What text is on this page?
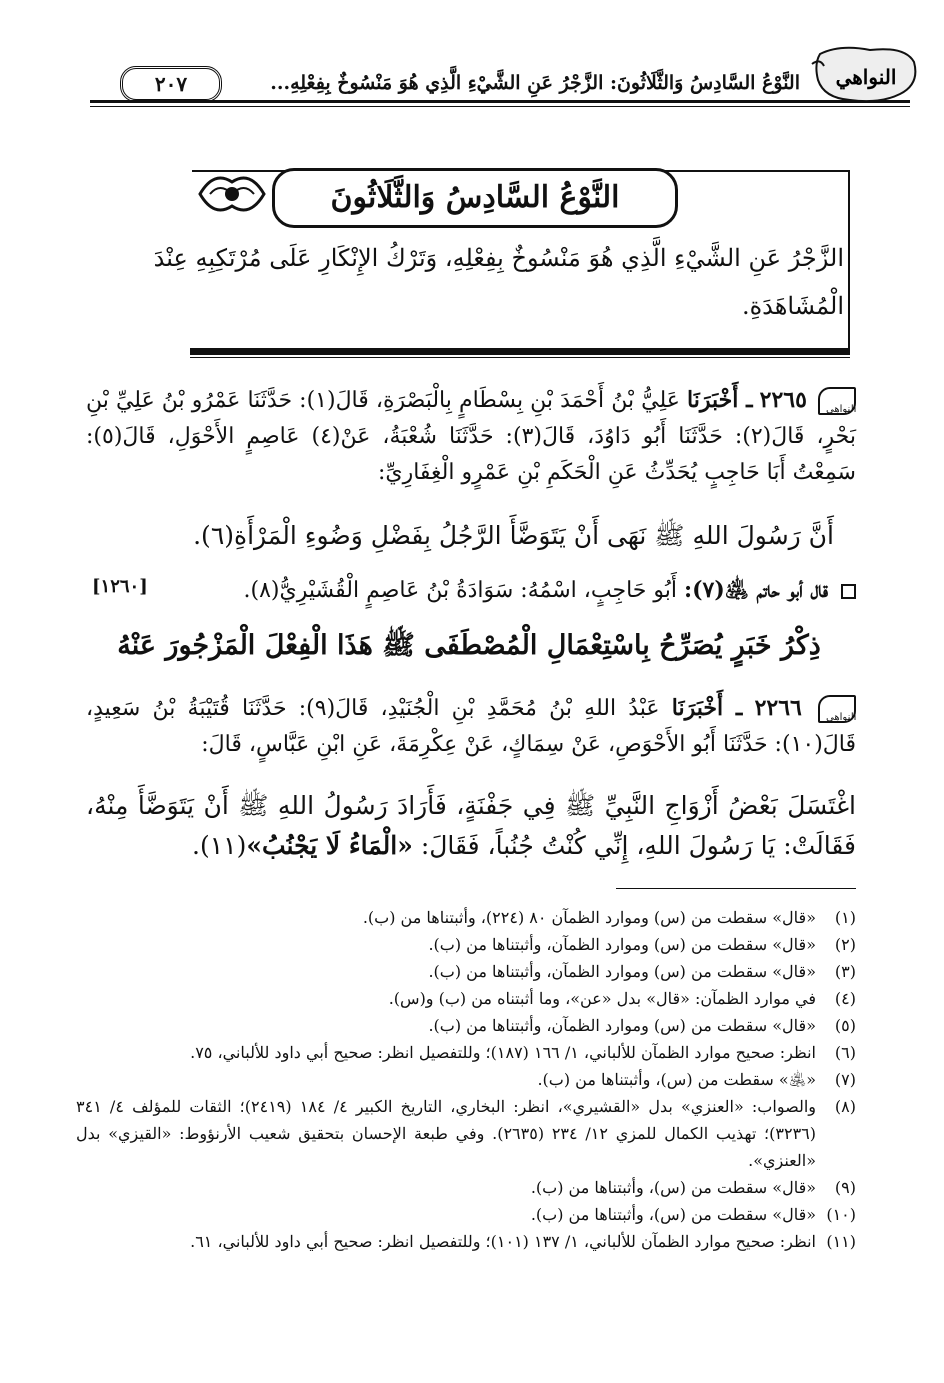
النَّوْعُ السَّادِسُ وَالثَّلَاثُونَ: الزَّجْرُ عَنِ الشَّيْءِ الَّذِي هُوَ مَنْسُوخٌ بِفِعْلِهِ...
٢٠٧	النواهي
النَّوْعُ السَّادِسُ وَالثَّلَاثُونَ
الزَّجْرُ عَنِ الشَّيْءِ الَّذِي هُوَ مَنْسُوخٌ بِفِعْلِهِ، وَتَرْكُ الإِنْكَارِ عَلَى مُرْتَكِبِهِ عِنْدَ الْمُشَاهَدَةِ.
النواهي
٢٢٦٥ ـ أَخْبَرَنَا عَلِيُّ بْنُ أَحْمَدَ بْنِ بِسْطَامٍ بِالْبَصْرَةِ، قَالَ(١): حَدَّثَنَا عَمْرُو بْنُ عَلِيِّ بْنِ بَحْرٍ، قَالَ(٢): حَدَّثَنَا أَبُو دَاوُدَ، قَالَ(٣): حَدَّثَنَا شُعْبَةُ، عَنْ(٤) عَاصِمٍ الأَحْوَلِ، قَالَ(٥): سَمِعْتُ أَبَا حَاجِبٍ يُحَدِّثُ عَنِ الْحَكَمِ بْنِ عَمْرٍو الْغِفَارِيِّ:
أَنَّ رَسُولَ اللهِ ﷺ نَهَى أَنْ يَتَوَضَّأَ الرَّجُلُ بِفَضْلِ وَضُوءِ الْمَرْأَةِ(٦).
قال أبو حاتم ﵁(٧): أَبُو حَاجِبٍ، اسْمُهُ: سَوَادَةُ بْنُ عَاصِمٍ الْقُشَيْرِيُّ(٨).
[١٢٦٠]
ذِكْرُ خَبَرٍ يُصَرِّحُ بِاسْتِعْمَالِ الْمُصْطَفَى ﷺ هَذَا الْفِعْلَ الْمَزْجُورَ عَنْهُ
النواهي
٢٢٦٦ ـ أَخْبَرَنَا عَبْدُ اللهِ بْنُ مُحَمَّدِ بْنِ الْجُنَيْدِ، قَالَ(٩): حَدَّثَنَا قُتَيْبَةُ بْنُ سَعِيدٍ، قَالَ(١٠): حَدَّثَنَا أَبُو الأَحْوَصِ، عَنْ سِمَاكٍ، عَنْ عِكْرِمَةَ، عَنِ ابْنِ عَبَّاسٍ، قَالَ:
اغْتَسَلَ بَعْضُ أَزْوَاجِ النَّبِيِّ ﷺ فِي جَفْنَةٍ، فَأَرَادَ رَسُولُ اللهِ ﷺ أَنْ يَتَوَضَّأَ مِنْهُ، فَقَالَتْ: يَا رَسُولَ اللهِ، إِنِّي كُنْتُ جُنُباً، فَقَالَ: «الْمَاءُ لَا يَجْنُبُ»(١١).
(١)
«قال» سقطت من (س) وموارد الظمآن ٨٠ (٢٢٤)، وأثبتناها من (ب).
(٢)
«قال» سقطت من (س) وموارد الظمآن، وأثبتناها من (ب).
(٣)
«قال» سقطت من (س) وموارد الظمآن، وأثبتناها من (ب).
(٤)
في موارد الظمآن: «قال» بدل «عن»، وما أثبتناه من (ب) و(س).
(٥)
«قال» سقطت من (س) وموارد الظمآن، وأثبتناها من (ب).
(٦)
انظر: صحيح موارد الظمآن للألباني، ١/ ١٦٦ (١٨٧)؛ وللتفصيل انظر: صحيح أبي داود للألباني، ٧٥.
(٧)
«﵁» سقطت من (س)، وأثبتناها من (ب).
(٨)
والصواب: «العنزي» بدل «القشيري»، انظر: البخاري، التاريخ الكبير ٤/ ١٨٤ (٢٤١٩)؛ الثقات للمؤلف ٤/ ٣٤١ (٣٢٣٦)؛ تهذيب الكمال للمزي ١٢/ ٢٣٤ (٢٦٣٥). وفي طبعة الإحسان بتحقيق شعيب الأرنؤوط: «القيزي» بدل «العنزي».
(٩)
«قال» سقطت من (س)، وأثبتناها من (ب).
(١٠)
«قال» سقطت من (س)، وأثبتناها من (ب).
(١١)
انظر: صحيح موارد الظمآن للألباني، ١/ ١٣٧ (١٠١)؛ وللتفصيل انظر: صحيح أبي داود للألباني، ٦١.
